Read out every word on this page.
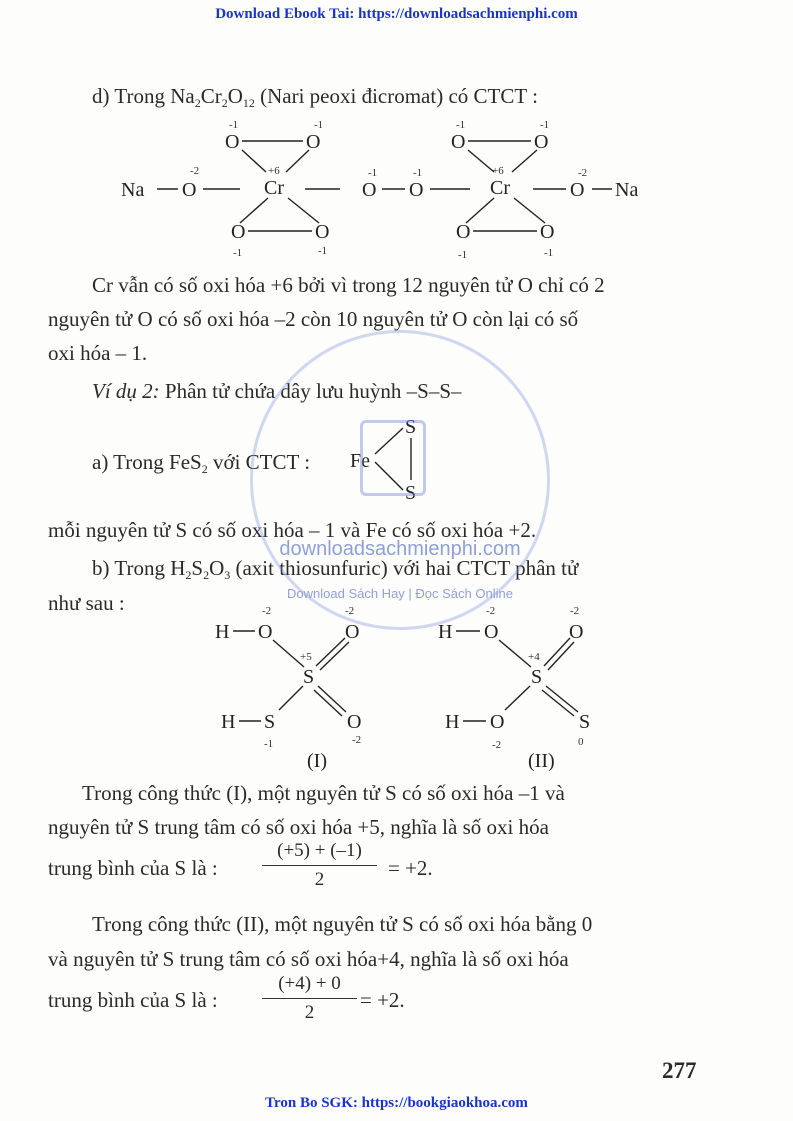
Download Ebook Tai: https://downloadsachmienphi.com
d) Trong Na2Cr2O12 (Nari peoxi đicromat) có CTCT :
-1	-1	-1	-1
-2	+6	-1	-1	+6	-2
-1	-1	-1	-1
Na O	Cr
O	O
O	O
O O	Cr
O	O
O	O
O Na
Cr vẫn có số oxi hóa +6 bởi vì trong 12 nguyên tử O chỉ có 2
nguyên tử O có số oxi hóa –2 còn 10 nguyên tử O còn lại có số
oxi hóa – 1.
Ví dụ 2: Phân tử chứa dây lưu huỳnh –S–S–
a) Trong FeS2 với CTCT : Fe
S
S
mỗi nguyên tử S có số oxi hóa – 1 và Fe có số oxi hóa +2.
b) Trong H2S2O3 (axit thiosunfuric) với hai CTCT phân tử
như sau :	-2	-2
+5
-1	-2
-2	-2
+4
-2	0
H O	O
S
H S	O
H O	O
S
H O	S
(I)	(II)
Trong công thức (I), một nguyên tử S có số oxi hóa –1 và
nguyên tử S trung tâm có số oxi hóa +5, nghĩa là số oxi hóa
trung bình của S là : $\frac{(+5) + (-1)}{2} = +2$.
Trong công thức (II), một nguyên tử S có số oxi hóa bằng 0
và nguyên tử S trung tâm có số oxi hóa+4, nghĩa là số oxi hóa
trung bình của S là : $\frac{(+4) + 0}{2} = +2$.
277
Tron Bo SGK: https://bookgiaokhoa.com
downloadsachmienphi.com
Download Sách Hay | Đọc Sách Online
